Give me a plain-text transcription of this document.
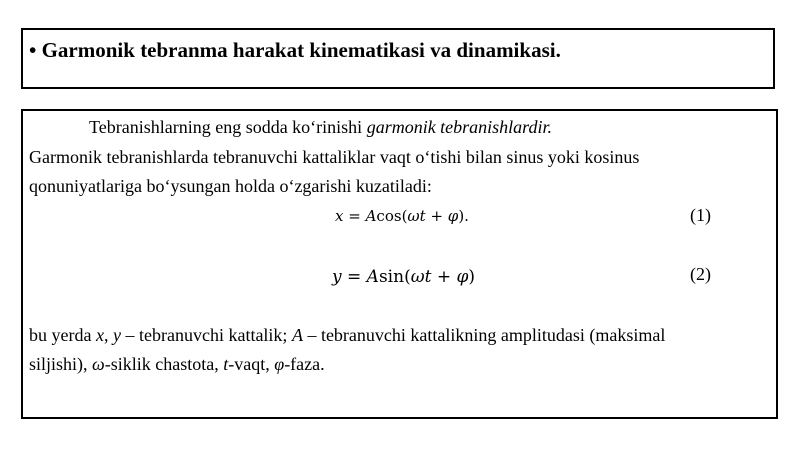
• Garmonik tebranma harakat kinematikasi va dinamikasi.
Tebranishlarning eng sodda ko‘rinishi garmonik tebranishlardir.
Garmonik tebranishlarda tebranuvchi kattaliklar vaqt o‘tishi bilan sinus yoki kosinus
qonuniyatlariga bo‘ysungan holda o‘zgarishi kuzatiladi:
x = Acos(ωt + φ).	(1)
y = Asin(ωt + φ)	(2)
bu yerda x, y – tebranuvchi kattalik; A – tebranuvchi kattalikning amplitudasi (maksimal
siljishi), ω-siklik chastota, t-vaqt, φ-faza.
